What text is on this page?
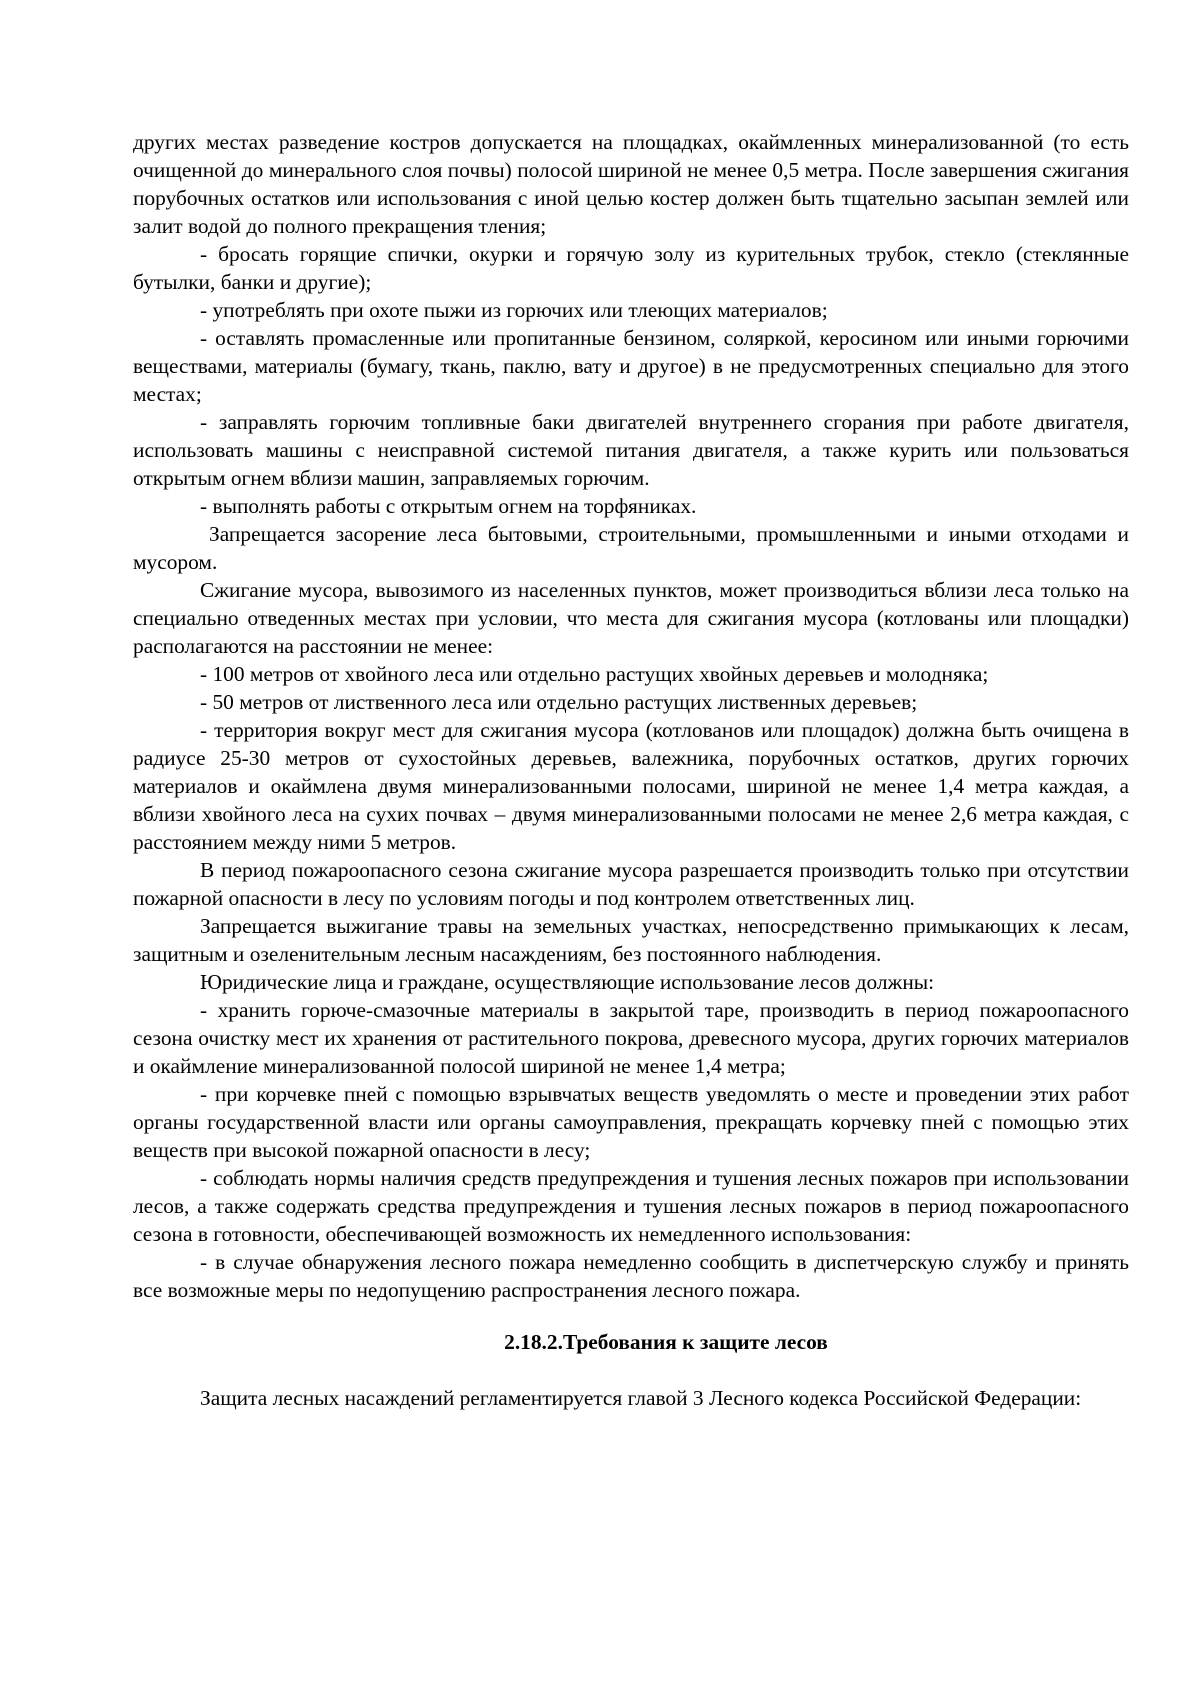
других местах разведение костров допускается на площадках, окаймленных минерализованной (то есть очищенной до минерального слоя почвы) полосой шириной не менее 0,5 метра. После завершения сжигания порубочных остатков или использования с иной целью костер должен быть тщательно засыпан землей или залит водой до полного прекращения тления;

- бросать горящие спички, окурки и горячую золу из курительных трубок, стекло (стеклянные бутылки, банки и другие);

- употреблять при охоте пыжи из горючих или тлеющих материалов;

- оставлять промасленные или пропитанные бензином, соляркой, керосином или иными горючими веществами, материалы (бумагу, ткань, паклю, вату и другое) в не предусмотренных специально для этого местах;

- заправлять горючим топливные баки двигателей внутреннего сгорания при работе двигателя, использовать машины с неисправной системой питания двигателя, а также курить или пользоваться открытым огнем вблизи машин, заправляемых горючим.

- выполнять работы с открытым огнем на торфяниках.

Запрещается засорение леса бытовыми, строительными, промышленными и иными отходами и мусором.

Сжигание мусора, вывозимого из населенных пунктов, может производиться вблизи леса только на специально отведенных местах при условии, что места для сжигания мусора (котлованы или площадки) располагаются на расстоянии не менее:

- 100 метров от хвойного леса или отдельно растущих хвойных деревьев и молодняка;

- 50 метров от лиственного леса или отдельно растущих лиственных деревьев;

- территория вокруг мест для сжигания мусора (котлованов или площадок) должна быть очищена в радиусе 25-30 метров от сухостойных деревьев, валежника, порубочных остатков, других горючих материалов и окаймлена двумя минерализованными полосами, шириной не менее 1,4 метра каждая, а вблизи хвойного леса на сухих почвах – двумя минерализованными полосами не менее 2,6 метра каждая, с расстоянием между ними 5 метров.

В период пожароопасного сезона сжигание мусора разрешается производить только при отсутствии пожарной опасности в лесу по условиям погоды и под контролем ответственных лиц.

Запрещается выжигание травы на земельных участках, непосредственно примыкающих к лесам, защитным и озеленительным лесным насаждениям, без постоянного наблюдения.

Юридические лица и граждане, осуществляющие использование лесов должны:

- хранить горюче-смазочные материалы в закрытой таре, производить в период пожароопасного сезона очистку мест их хранения от растительного покрова, древесного мусора, других горючих материалов и окаймление минерализованной полосой шириной не менее 1,4 метра;

- при корчевке пней с помощью взрывчатых веществ уведомлять о месте и проведении этих работ органы государственной власти или органы самоуправления, прекращать корчевку пней с помощью этих веществ при высокой пожарной опасности в лесу;

- соблюдать нормы наличия средств предупреждения и тушения лесных пожаров при использовании лесов, а также содержать средства предупреждения и тушения лесных пожаров в период пожароопасного сезона в готовности, обеспечивающей возможность их немедленного использования:

- в случае обнаружения лесного пожара немедленно сообщить в диспетчерскую службу и принять все возможные меры по недопущению распространения лесного пожара.

2.18.2.Требования к защите лесов

Защита лесных насаждений регламентируется главой 3 Лесного кодекса Российской Федерации:
